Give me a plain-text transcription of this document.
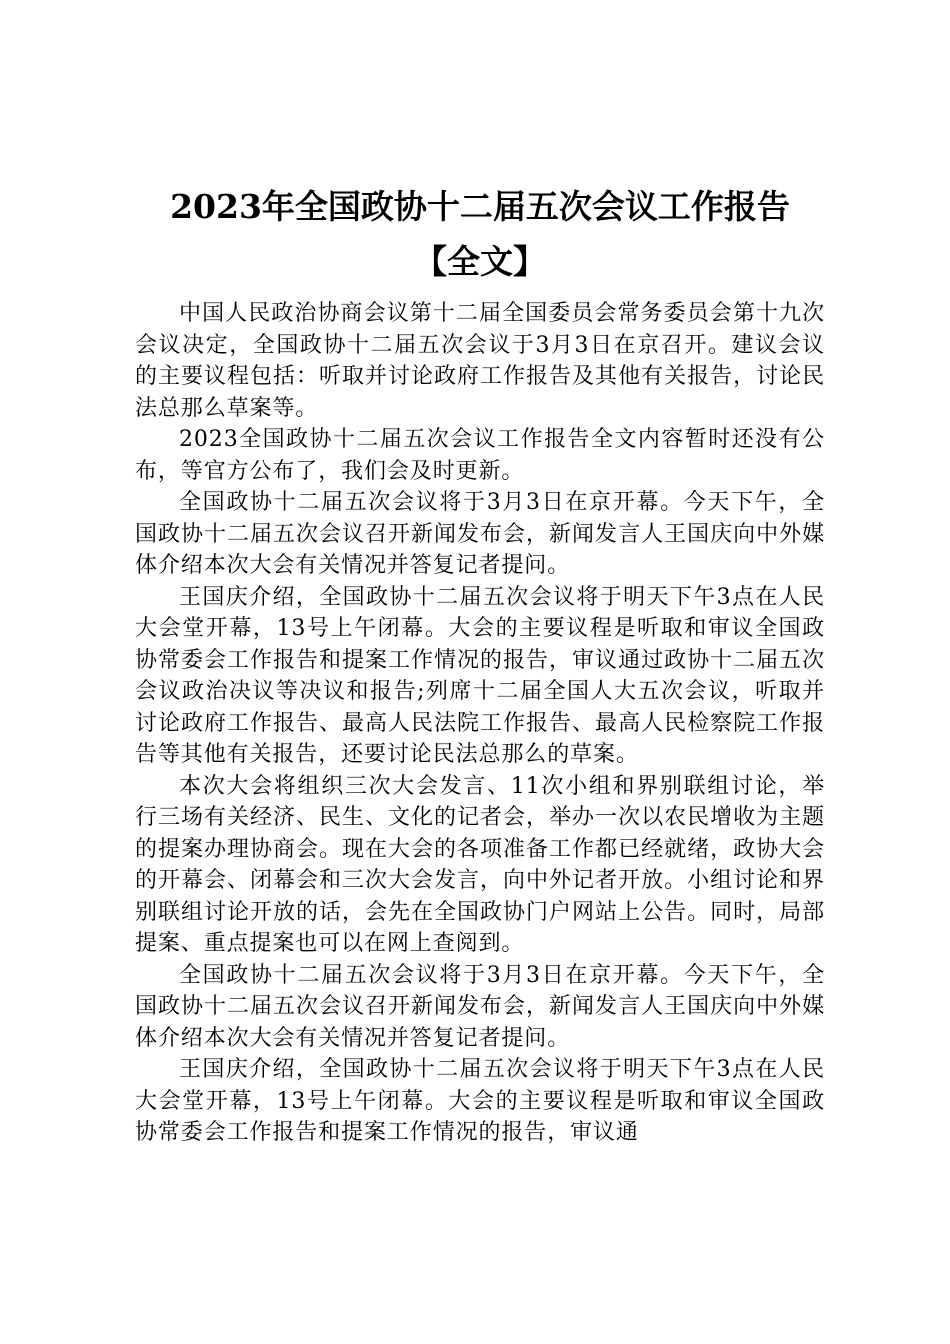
2023年全国政协十二届五次会议工作报告
【全文】

中国人民政治协商会议第十二届全国委员会常务委员会第十九次会议决定，全国政协十二届五次会议于3月3日在京召开。建议会议的主要议程包括：听取并讨论政府工作报告及其他有关报告，讨论民法总那么草案等。

2023全国政协十二届五次会议工作报告全文内容暂时还没有公布，等官方公布了，我们会及时更新。

全国政协十二届五次会议将于3月3日在京开幕。今天下午，全国政协十二届五次会议召开新闻发布会，新闻发言人王国庆向中外媒体介绍本次大会有关情况并答复记者提问。

王国庆介绍，全国政协十二届五次会议将于明天下午3点在人民大会堂开幕，13号上午闭幕。大会的主要议程是听取和审议全国政协常委会工作报告和提案工作情况的报告，审议通过政协十二届五次会议政治决议等决议和报告;列席十二届全国人大五次会议，听取并讨论政府工作报告、最高人民法院工作报告、最高人民检察院工作报告等其他有关报告，还要讨论民法总那么的草案。

本次大会将组织三次大会发言、11次小组和界别联组讨论，举行三场有关经济、民生、文化的记者会，举办一次以农民增收为主题的提案办理协商会。现在大会的各项准备工作都已经就绪，政协大会的开幕会、闭幕会和三次大会发言，向中外记者开放。小组讨论和界别联组讨论开放的话，会先在全国政协门户网站上公告。同时，局部提案、重点提案也可以在网上查阅到。

全国政协十二届五次会议将于3月3日在京开幕。今天下午，全国政协十二届五次会议召开新闻发布会，新闻发言人王国庆向中外媒体介绍本次大会有关情况并答复记者提问。

王国庆介绍，全国政协十二届五次会议将于明天下午3点在人民大会堂开幕，13号上午闭幕。大会的主要议程是听取和审议全国政协常委会工作报告和提案工作情况的报告，审议通
